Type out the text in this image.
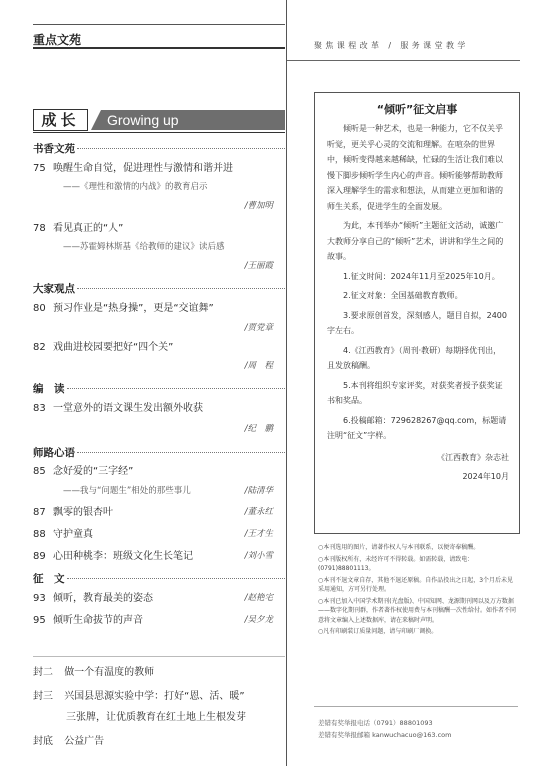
重点文苑
成长	Growing up
书香文苑
75 唤醒生命自觉，促进理性与激情和谐并进
——《理性和激情的内战》的教育启示
/曹加明
78 看见真正的“人”
——苏霍姆林斯基《给教师的建议》读后感
/王丽霞
大家观点
80 预习作业是“热身操”，更是“交谊舞”
/贾党章
82 戏曲进校园要把好“四个关”
/周　程
编　读
83 一堂意外的语文课生发出额外收获
/纪　鹏
师路心语
85 念好爱的“三字经”
——我与“问题生”相处的那些事儿	/陆清华
87 飘零的银杏叶	/董永红
88 守护童真	/王才生
89 心田种桃李：班级文化生长笔记	/刘小雪
征　文
93 倾听，教育最美的姿态	/赵艳宅
95 倾听生命拔节的声音	/吴夕龙
封二 做一个有温度的教师
封三 兴国县思源实验中学：打好“恩、活、暖”
三张牌，让优质教育在红土地上生根发芽
封底 公益广告
聚焦课程改革 / 服务课堂教学
“倾听”征文启事

倾听是一种艺术，也是一种能力，它不仅关乎听觉，更关乎心灵的交流和理解。在喧杂的世界中，倾听变得越来越稀缺，忙碌的生活让我们难以慢下脚步倾听学生内心的声音。倾听能够帮助教师深入理解学生的需求和想法，从而建立更加和谐的师生关系，促进学生的全面发展。

为此，本刊举办“倾听”主题征文活动，诚邀广大教师分享自己的“倾听”艺术，讲讲和学生之间的故事。

1.征文时间：2024年11月至2025年10月。

2.征文对象：全国基础教育教师。

3.要求原创首发，深刻感人，题目自拟，2400字左右。

4.《江西教育》（周刊·教研）每期择优刊出，且发放稿酬。

5.本刊将组织专家评奖，对获奖者授予获奖证书和奖品。

6.投稿邮箱：729628267@qq.com，标题请注明“征文”字样。

《江西教育》杂志社

2024年10月

○本刊选用的图片，请著作权人与本刊联系，以便寄奉稿酬。

○本刊版权所有，未经许可不得转载。如需转载，请致电：(0791)88801113。

○本刊不退文章自存，其他不退还原稿。自作品投出之日起，3个月后未见采用通知，方可另行处理。

○本刊已加入中国学术期刊(光盘版)、中国知网、龙源期刊网以及万方数据——数字化期刊群，作者著作权使用费与本刊稿酬一次性给付。如作者不同意将文章编入上述数据库，请在来稿时声明。

○凡有印刷装订质量问题，请与印刷厂调换。

差错有奖举报电话（0791）88801093
差错有奖举报邮箱 kanwuchacuo@163.com
